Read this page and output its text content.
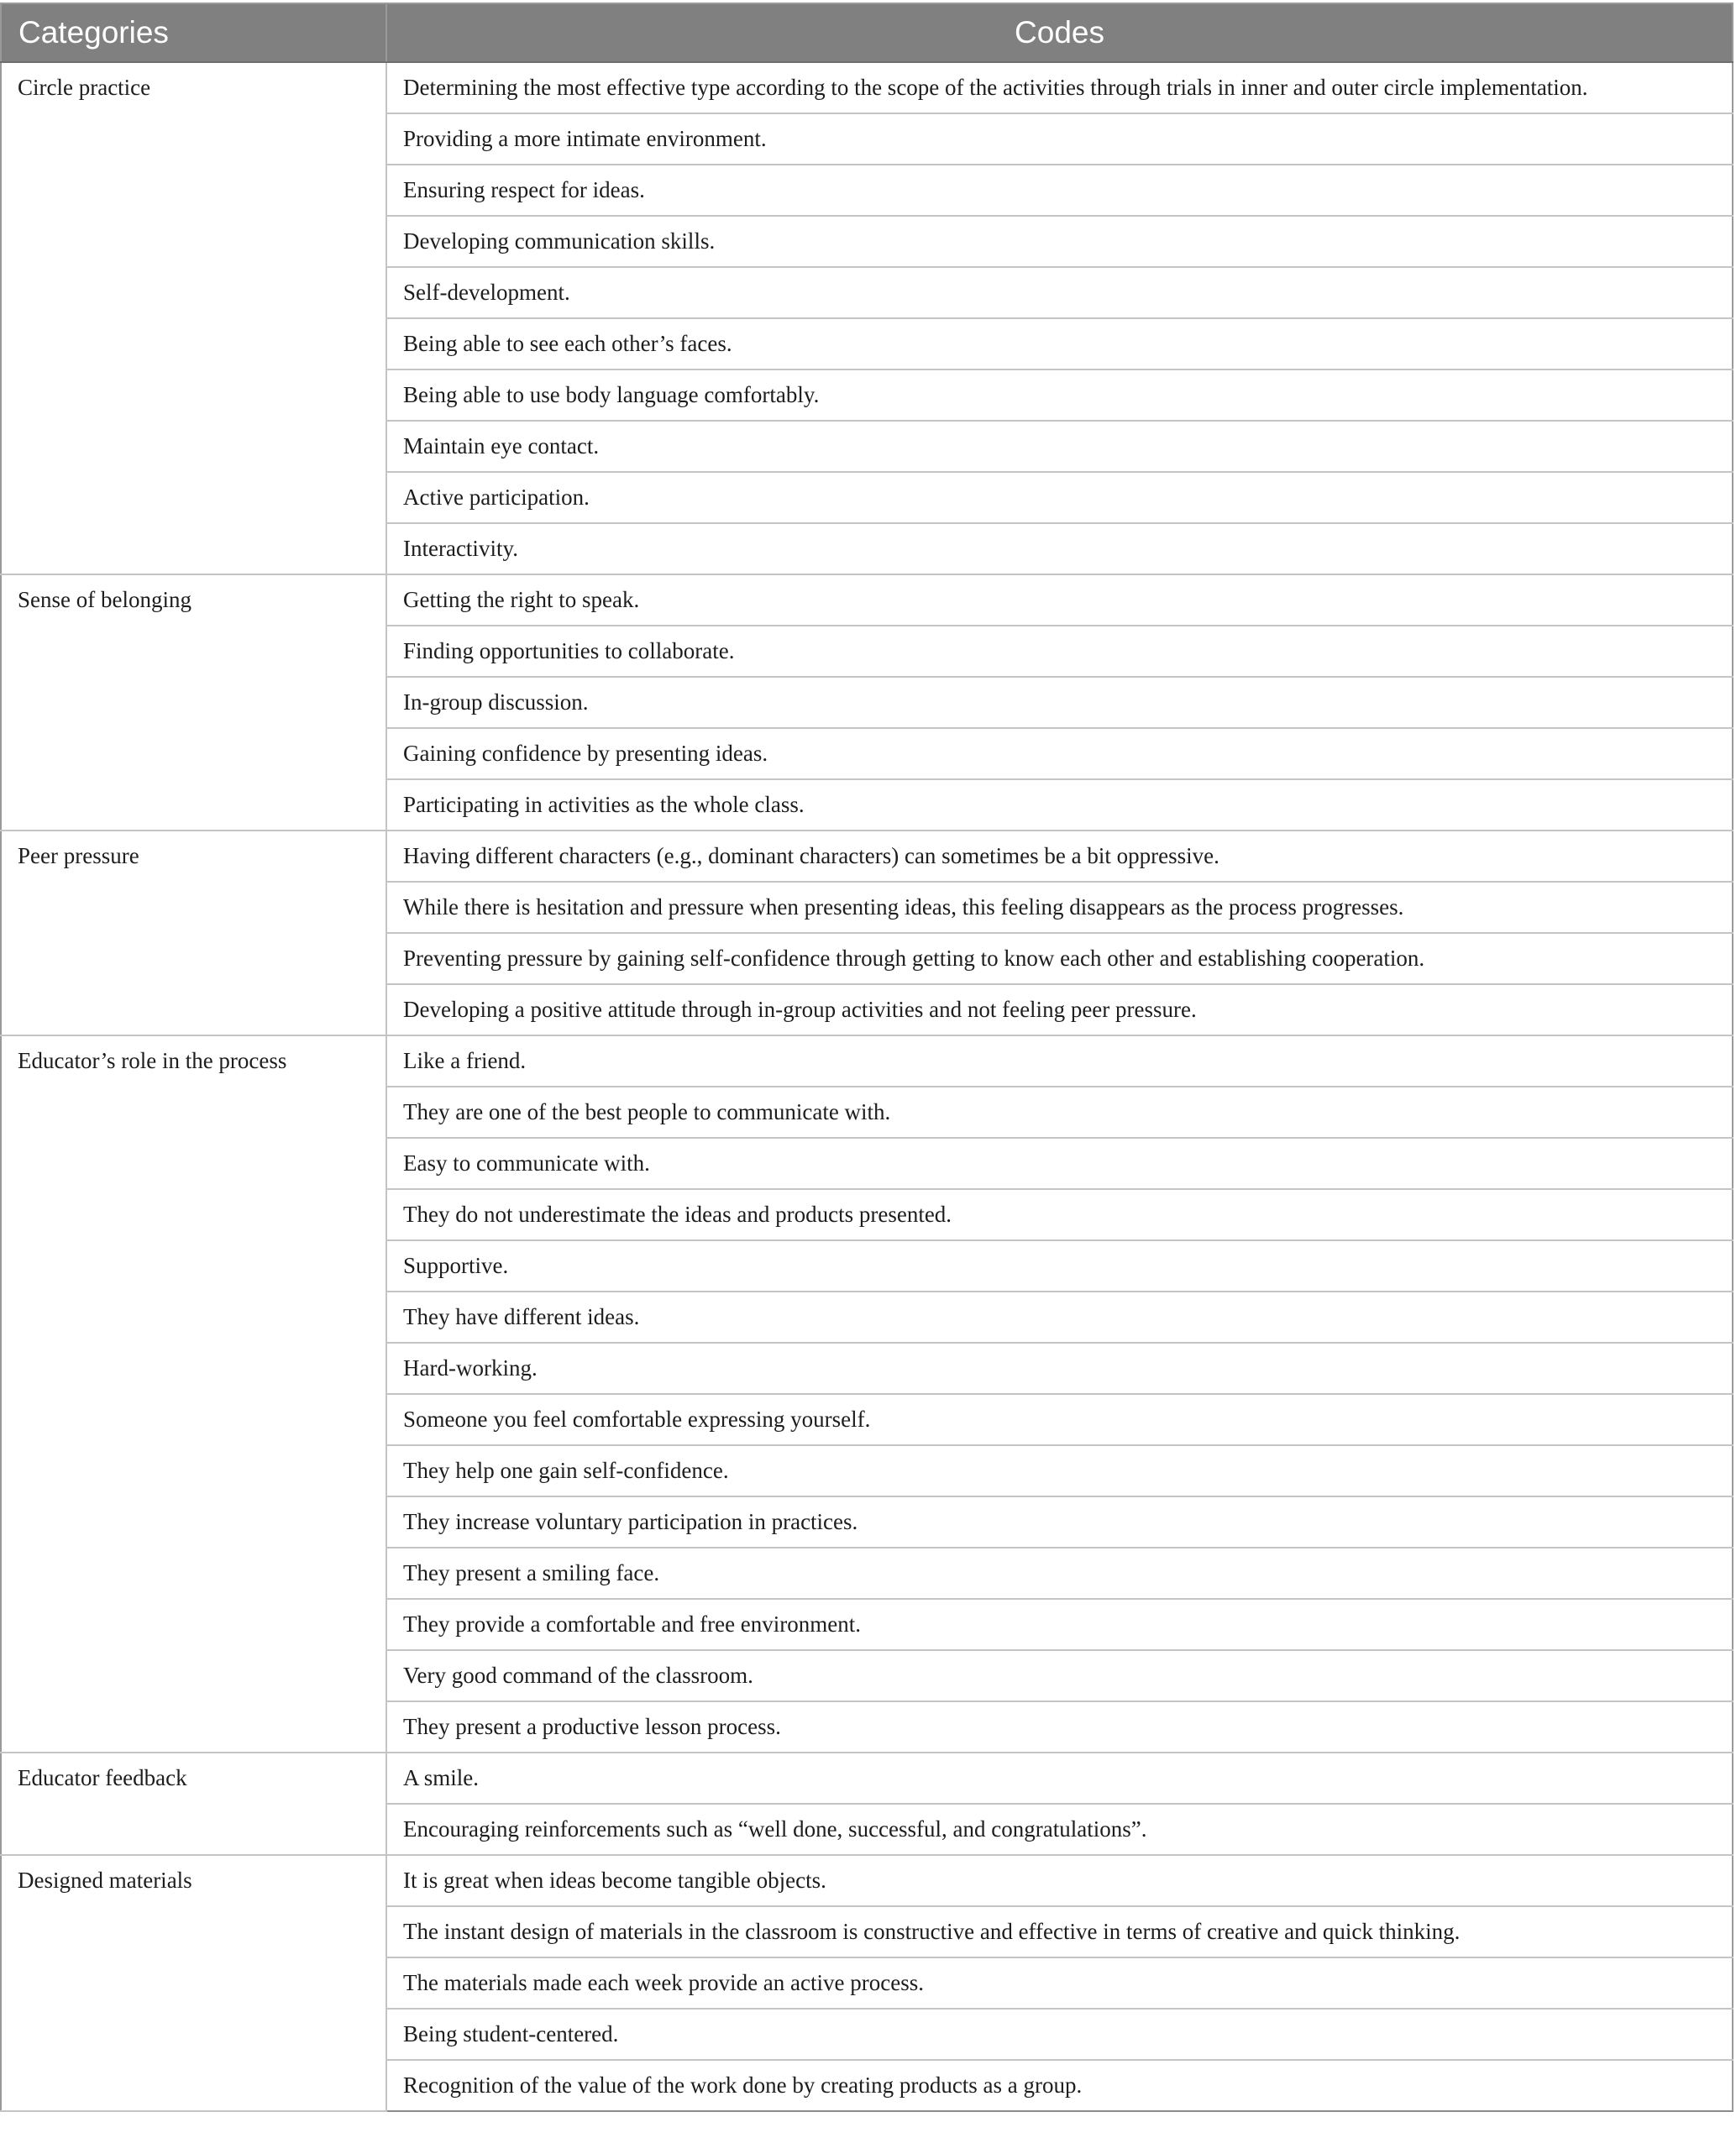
Categories	Codes
Circle practice	Determining the most effective type according to the scope of the activities through trials in inner and outer circle implementation.
	Providing a more intimate environment.
	Ensuring respect for ideas.
	Developing communication skills.
	Self-development.
	Being able to see each other’s faces.
	Being able to use body language comfortably.
	Maintain eye contact.
	Active participation.
	Interactivity.
Sense of belonging	Getting the right to speak.
	Finding opportunities to collaborate.
	In-group discussion.
	Gaining confidence by presenting ideas.
	Participating in activities as the whole class.
Peer pressure	Having different characters (e.g., dominant characters) can sometimes be a bit oppressive.
	While there is hesitation and pressure when presenting ideas, this feeling disappears as the process progresses.
	Preventing pressure by gaining self-confidence through getting to know each other and establishing cooperation.
	Developing a positive attitude through in-group activities and not feeling peer pressure.
Educator’s role in the process	Like a friend.
	They are one of the best people to communicate with.
	Easy to communicate with.
	They do not underestimate the ideas and products presented.
	Supportive.
	They have different ideas.
	Hard-working.
	Someone you feel comfortable expressing yourself.
	They help one gain self-confidence.
	They increase voluntary participation in practices.
	They present a smiling face.
	They provide a comfortable and free environment.
	Very good command of the classroom.
	They present a productive lesson process.
Educator feedback	A smile.
	Encouraging reinforcements such as “well done, successful, and congratulations”.
Designed materials	It is great when ideas become tangible objects.
	The instant design of materials in the classroom is constructive and effective in terms of creative and quick thinking.
	The materials made each week provide an active process.
	Being student-centered.
	Recognition of the value of the work done by creating products as a group.
